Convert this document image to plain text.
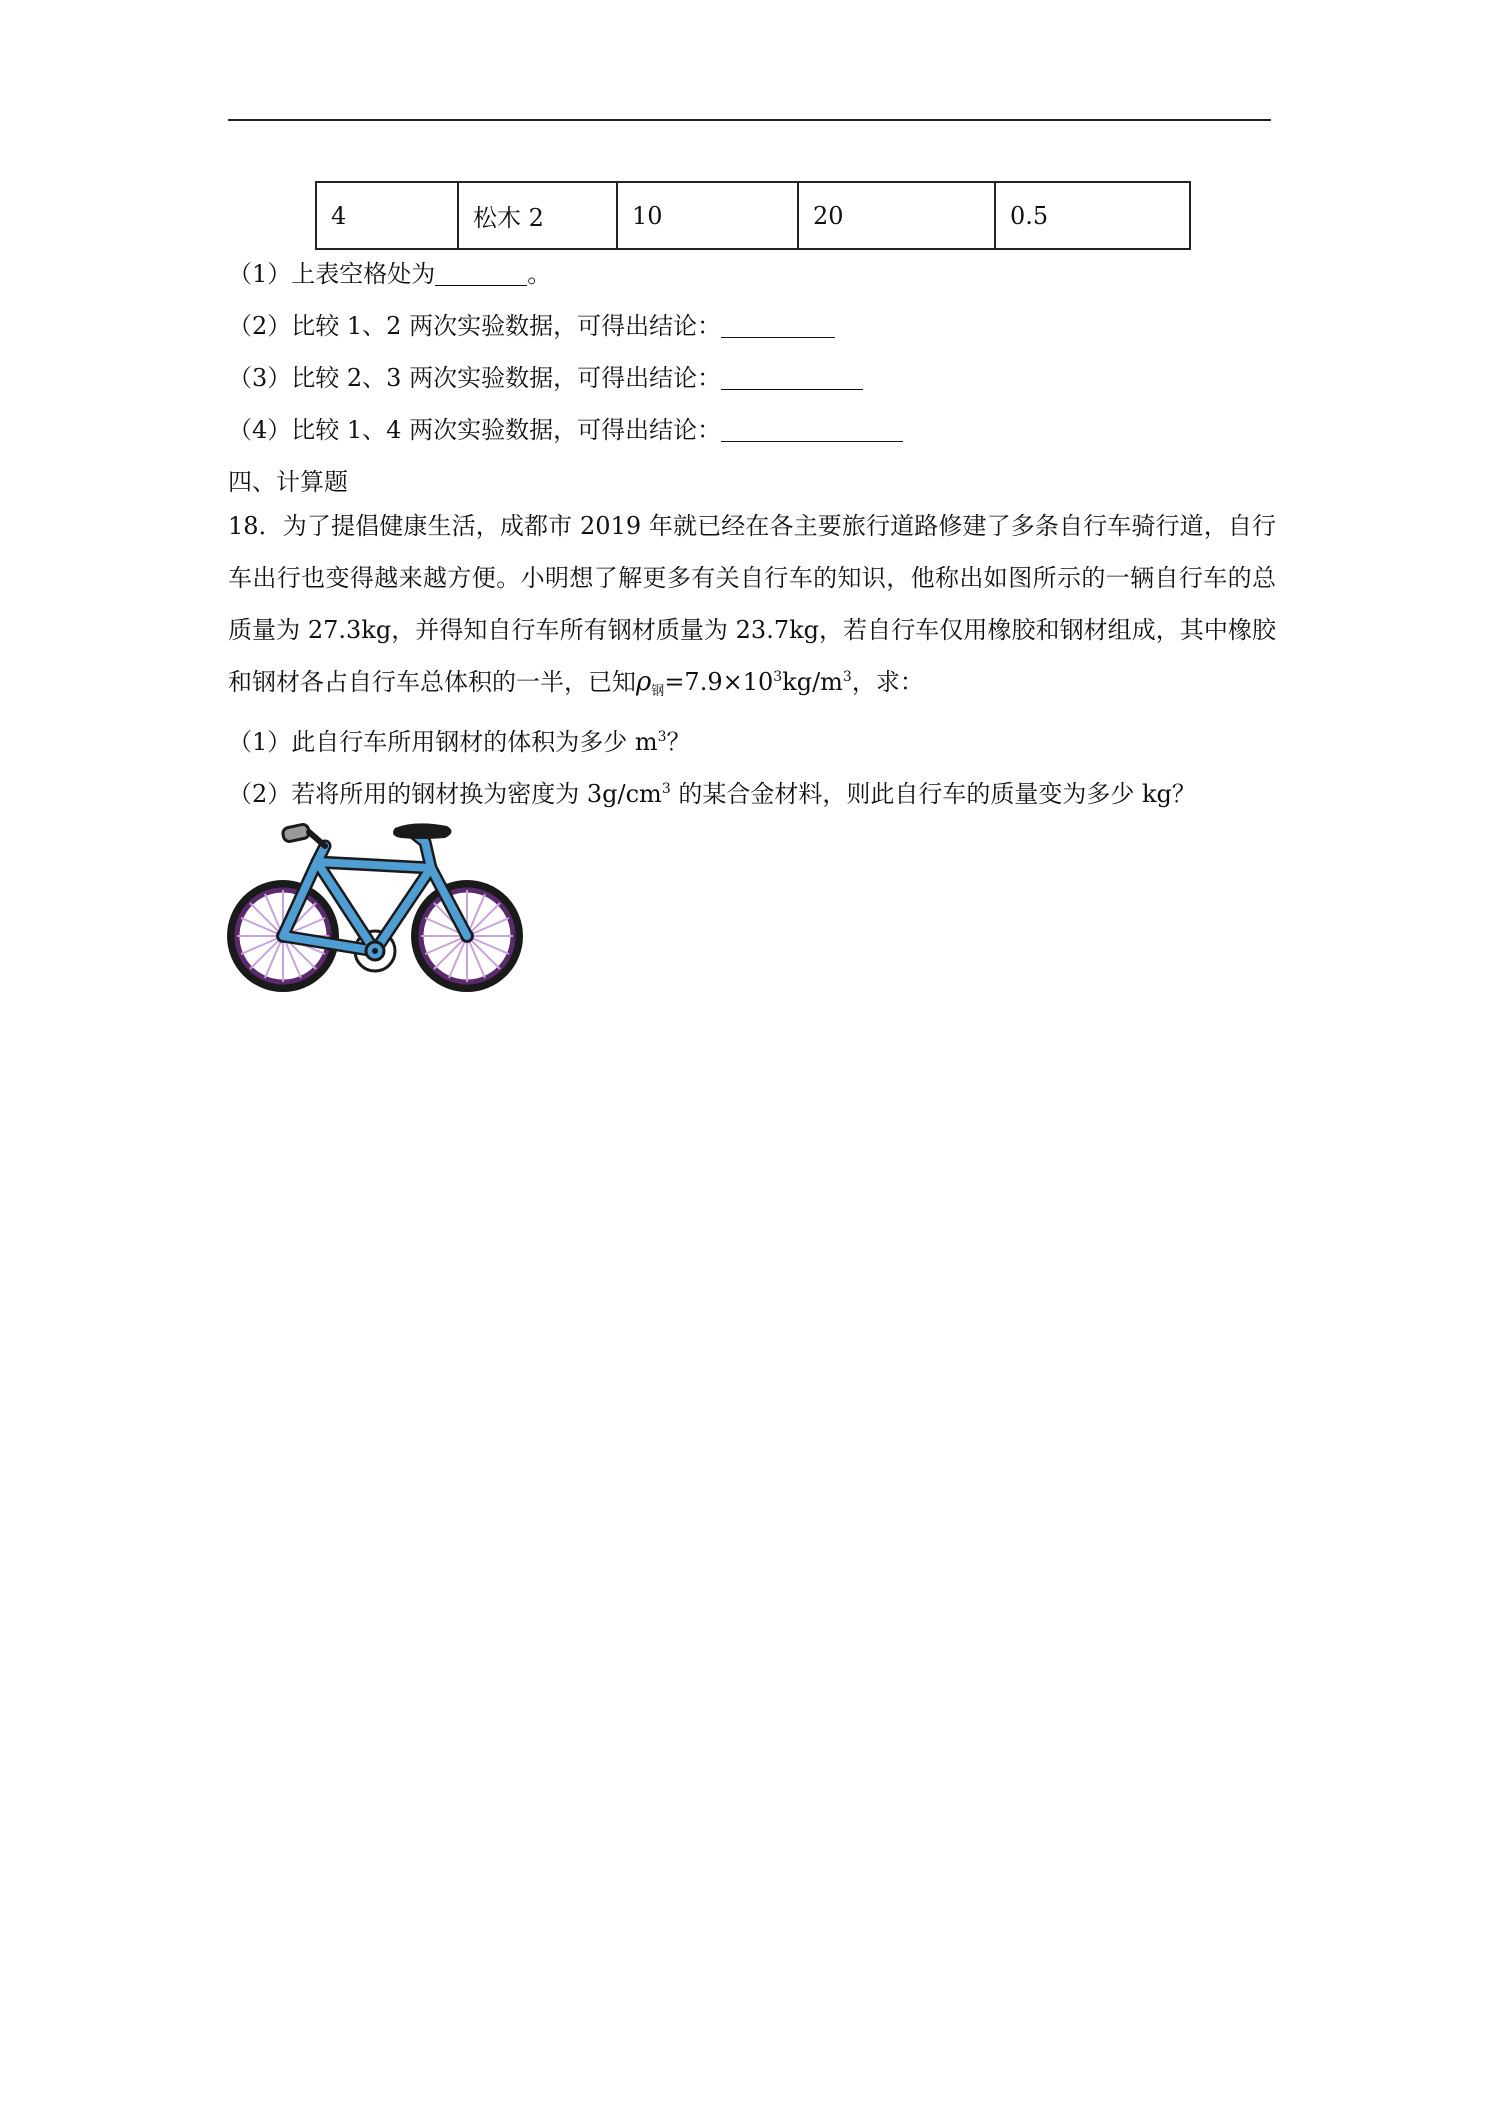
4	松木 2	10	20	0.5
（1）上表空格处为	。
（2）比较 1、2 两次实验数据，可得出结论：
（3）比较 2、3 两次实验数据，可得出结论：
（4）比较 1、4 两次实验数据，可得出结论：
四、计算题
18．为了提倡健康生活，成都市 2019 年就已经在各主要旅行道路修建了多条自行车骑行道，自行车出行也变得越来越方便。小明想了解更多有关自行车的知识，他称出如图所示的一辆自行车的总质量为 27.3kg，并得知自行车所有钢材质量为 23.7kg，若自行车仅用橡胶和钢材组成，其中橡胶和钢材各占自行车总体积的一半，已知$\rho_钢=7.9\times 10^3kg/m^3$，求：
（1）此自行车所用钢材的体积为多少 $m^3$？
（2）若将所用的钢材换为密度为 $3g/cm^3$ 的某合金材料，则此自行车的质量变为多少 kg？
